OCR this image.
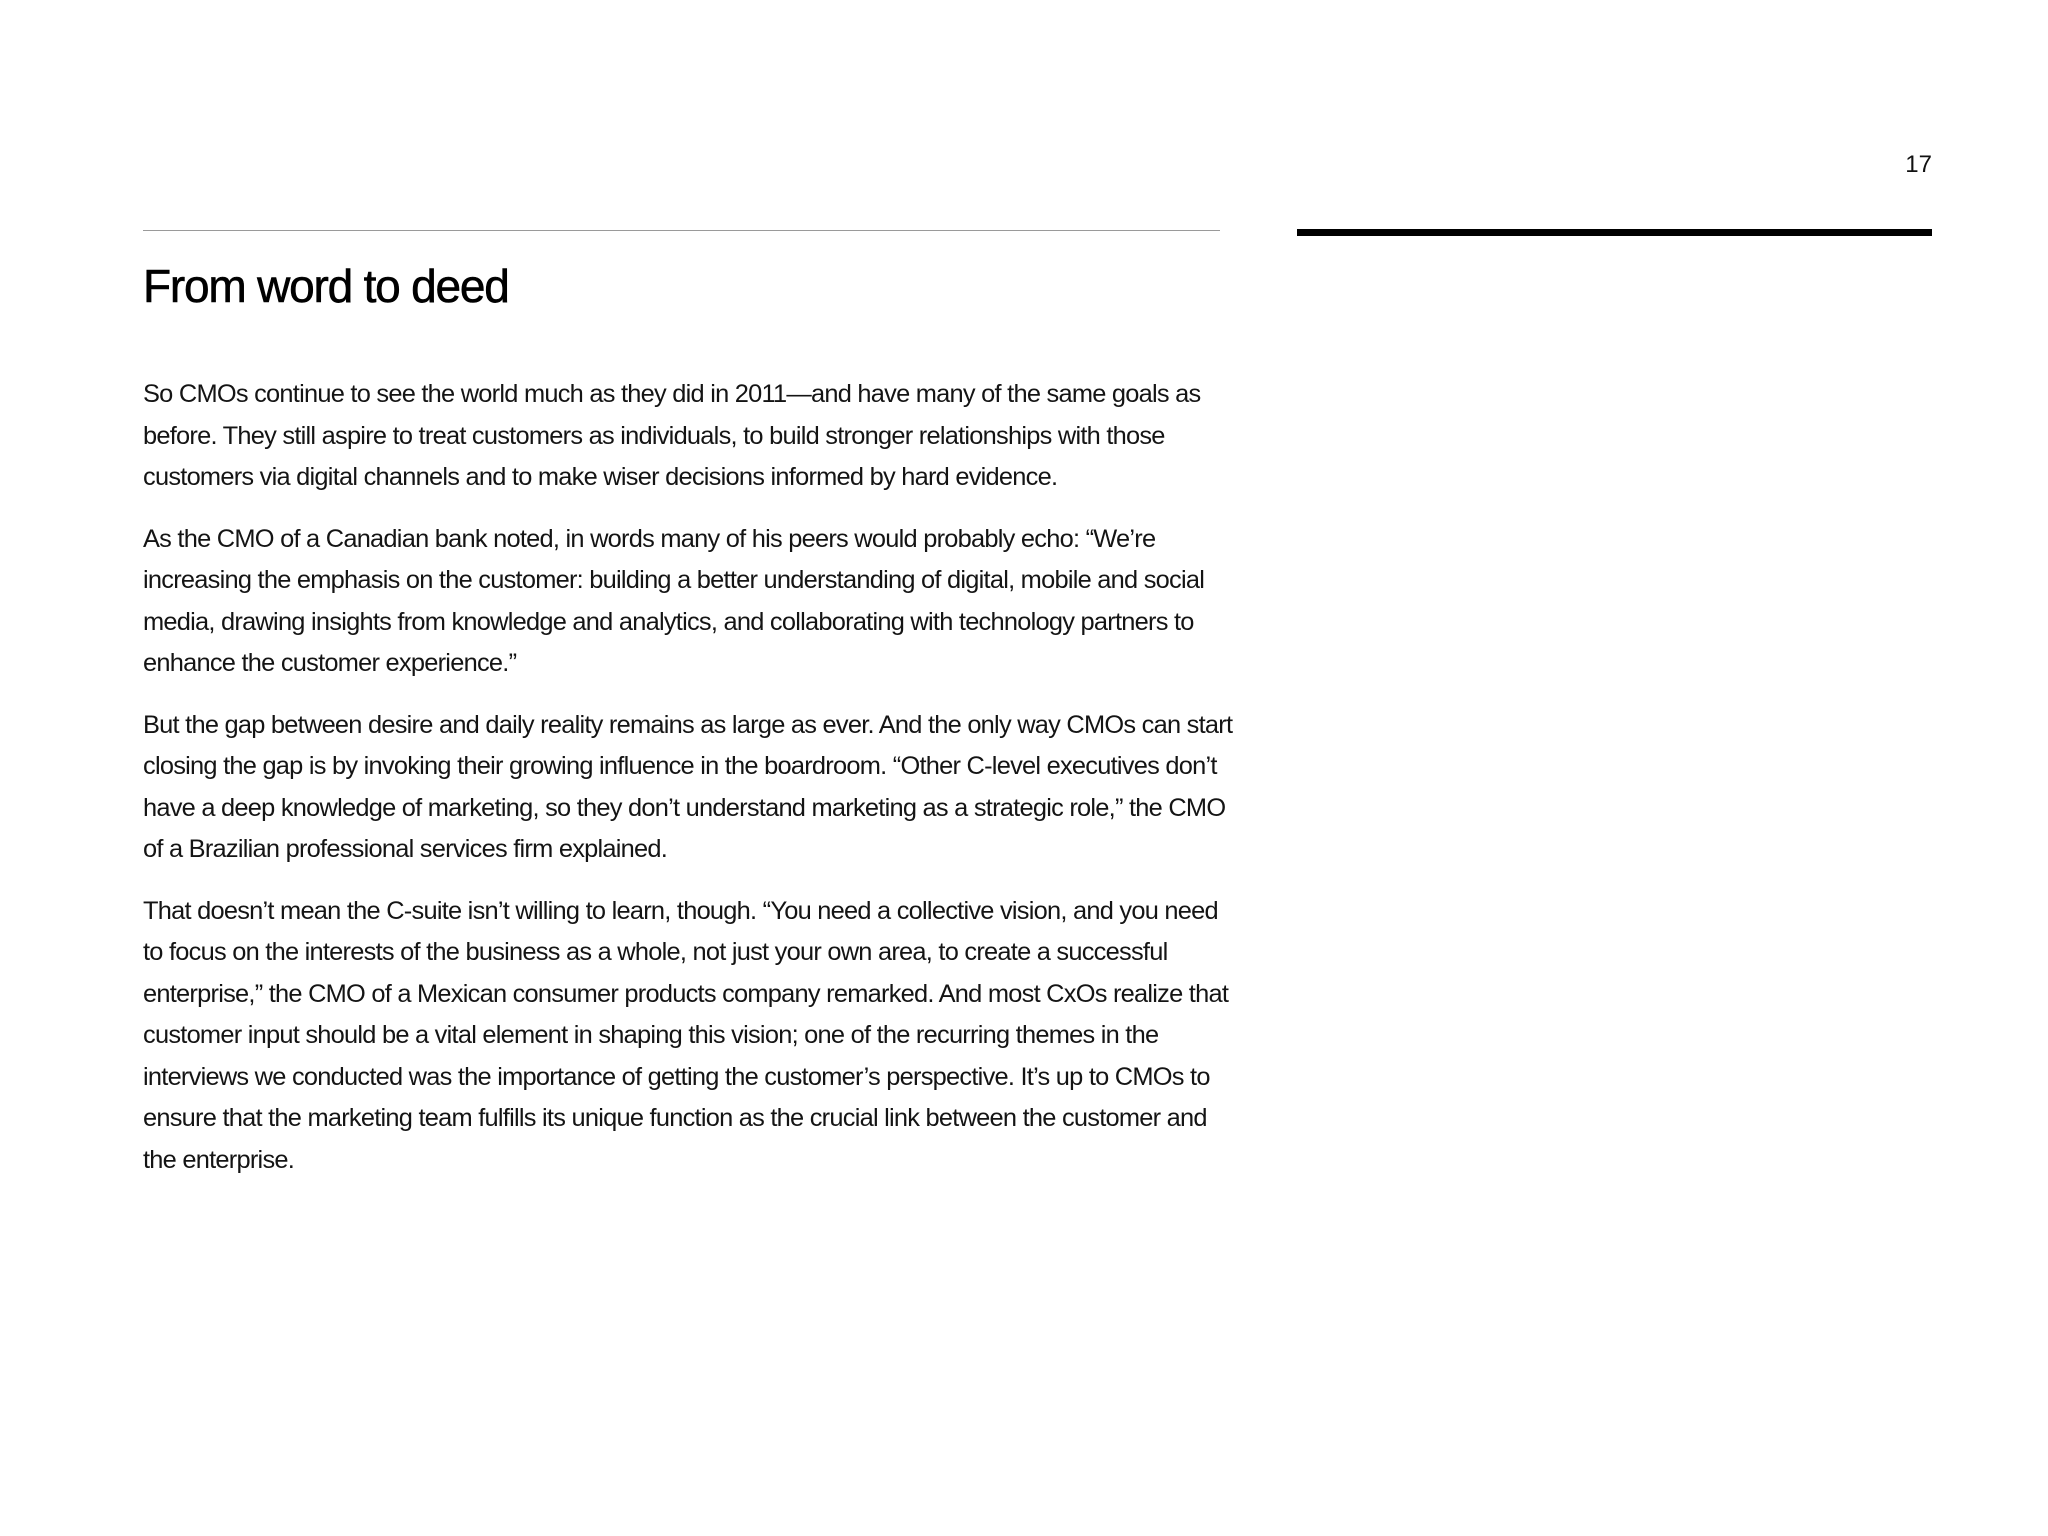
17
From word to deed

So CMOs continue to see the world much as they did in 2011—and have many of the same goals as before. They still aspire to treat customers as individuals, to build stronger relationships with those customers via digital channels and to make wiser decisions informed by hard evidence.

As the CMO of a Canadian bank noted, in words many of his peers would probably echo: “We’re increasing the emphasis on the customer: building a better understanding of digital, mobile and social media, drawing insights from knowledge and analytics, and collaborating with technology partners to enhance the customer experience.”

But the gap between desire and daily reality remains as large as ever. And the only way CMOs can start closing the gap is by invoking their growing influence in the boardroom. “Other C-level executives don’t have a deep knowledge of marketing, so they don’t understand marketing as a strategic role,” the CMO of a Brazilian professional services firm explained.

That doesn’t mean the C-suite isn’t willing to learn, though. “You need a collective vision, and you need to focus on the interests of the business as a whole, not just your own area, to create a successful enterprise,” the CMO of a Mexican consumer products company remarked. And most CxOs realize that customer input should be a vital element in shaping this vision; one of the recurring themes in the interviews we conducted was the importance of getting the customer’s perspective. It’s up to CMOs to ensure that the marketing team fulfills its unique function as the crucial link between the customer and the enterprise.
